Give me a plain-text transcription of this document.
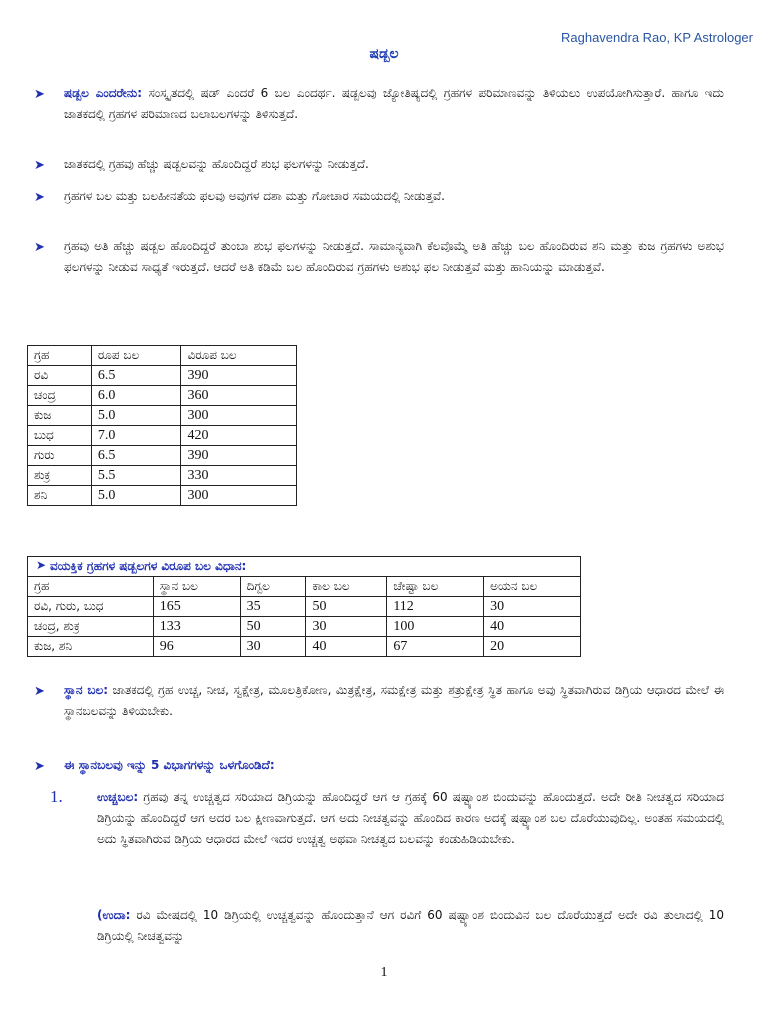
Raghavendra Rao, KP Astrologer
ಷಡ್ಬಲ
➤ ಷಡ್ಬಲ ಎಂದರೇನು: ಸಂಸ್ಕೃತದಲ್ಲಿ ಷಡ್ ಎಂದರೆ 6 ಬಲ ಎಂದರ್ಥ. ಷಡ್ಬಲವು ಜ್ಯೋತಿಷ್ಯದಲ್ಲಿ ಗ್ರಹಗಳ ಪರಿಮಾಣವನ್ನು ತಿಳಿಯಲು ಉಪಯೋಗಿಸುತ್ತಾರೆ. ಹಾಗೂ ಇದು ಜಾತಕದಲ್ಲಿ ಗ್ರಹಗಳ ಪರಿಮಾಣದ ಬಲಾಬಲಗಳನ್ನು ತಿಳಿಸುತ್ತದೆ.
➤ ಜಾತಕದಲ್ಲಿ ಗ್ರಹವು ಹೆಚ್ಚು ಷಡ್ಬಲವನ್ನು ಹೊಂದಿದ್ದರೆ ಶುಭ ಫಲಗಳನ್ನು ನೀಡುತ್ತದೆ.
➤ ಗ್ರಹಗಳ ಬಲ ಮತ್ತು ಬಲಹೀನತೆಯ ಫಲವು ಅವುಗಳ ದಶಾ ಮತ್ತು ಗೋಚಾರ ಸಮಯದಲ್ಲಿ ನೀಡುತ್ತವೆ.
➤ ಗ್ರಹವು ಅತಿ ಹೆಚ್ಚು ಷಡ್ಬಲ ಹೊಂದಿದ್ದರೆ ತುಂಬಾ ಶುಭ ಫಲಗಳನ್ನು ನೀಡುತ್ತದೆ. ಸಾಮಾನ್ಯವಾಗಿ ಕೆಲವೊಮ್ಮೆ ಅತಿ ಹೆಚ್ಚು ಬಲ ಹೊಂದಿರುವ ಶನಿ ಮತ್ತು ಕುಜ ಗ್ರಹಗಳು ಅಶುಭ ಫಲಗಳನ್ನು ನೀಡುವ ಸಾಧ್ಯತೆ ಇರುತ್ತದೆ. ಆದರೆ ಅತಿ ಕಡಿಮೆ ಬಲ ಹೊಂದಿರುವ ಗ್ರಹಗಳು ಅಶುಭ ಫಲ ನೀಡುತ್ತವೆ ಮತ್ತು ಹಾನಿಯನ್ನು ಮಾಡುತ್ತವೆ.
ಗ್ರಹ	ರೂಪ ಬಲ	ವಿರೂಪ ಬಲ
ರವಿ	6.5	390
ಚಂದ್ರ	6.0	360
ಕುಜ	5.0	300
ಬುಧ	7.0	420
ಗುರು	6.5	390
ಶುಕ್ರ	5.5	330
ಶನಿ	5.0	300
➤ ವಯಕ್ತಿಕ ಗ್ರಹಗಳ ಷಡ್ಬಲಗಳ ವಿರೂಪ ಬಲ ವಿಧಾನ:					
ಗ್ರಹ	ಸ್ಥಾನ ಬಲ	ದಿಗ್ಬಲ	ಕಾಲ ಬಲ	ಚೇಷ್ಟಾ ಬಲ	ಅಯನ ಬಲ
ರವಿ, ಗುರು, ಬುಧ	165	35	50	112	30
ಚಂದ್ರ, ಶುಕ್ರ	133	50	30	100	40
ಕುಜ, ಶನಿ	96	30	40	67	20
➤ ಸ್ಥಾನ ಬಲ: ಜಾತಕದಲ್ಲಿ ಗ್ರಹ ಉಚ್ಚ, ನೀಚ, ಸ್ವಕ್ಷೇತ್ರ, ಮೂಲತ್ರಿಕೋಣ, ಮಿತ್ರಕ್ಷೇತ್ರ, ಸಮಕ್ಷೇತ್ರ ಮತ್ತು ಶತ್ರುಕ್ಷೇತ್ರ ಸ್ಥಿತ ಹಾಗೂ ಅವು ಸ್ಥಿತವಾಗಿರುವ ಡಿಗ್ರಿಯ ಆಧಾರದ ಮೇಲೆ ಈ ಸ್ಥಾನಬಲವನ್ನು ತಿಳಿಯಬೇಕು.
➤ ಈ ಸ್ಥಾನಬಲವು ಇನ್ನು 5 ವಿಭಾಗಗಳನ್ನು ಒಳಗೊಂಡಿದೆ:
1.	ಉಚ್ಚಬಲ: ಗ್ರಹವು ತನ್ನ ಉಚ್ಚತ್ವದ ಸರಿಯಾದ ಡಿಗ್ರಿಯನ್ನು ಹೊಂದಿದ್ದರೆ ಆಗ ಆ ಗ್ರಹಕ್ಕೆ 60 ಷಷ್ಟ್ಯಾಂಶ ಬಿಂದುವನ್ನು ಹೊಂದುತ್ತದೆ. ಅದೇ ರೀತಿ ನೀಚತ್ವದ ಸರಿಯಾದ ಡಿಗ್ರಿಯನ್ನು ಹೊಂದಿದ್ದರೆ ಆಗ ಅದರ ಬಲ ಕ್ಷೀಣವಾಗುತ್ತದೆ. ಆಗ ಅದು ನೀಚತ್ವವನ್ನು ಹೊಂದಿದ ಕಾರಣ ಅದಕ್ಕೆ ಷಷ್ಟ್ಯಾಂಶ ಬಲ ದೊರೆಯುವುದಿಲ್ಲ. ಅಂತಹ ಸಮಯದಲ್ಲಿ ಅದು ಸ್ಥಿತವಾಗಿರುವ ಡಿಗ್ರಿಯ ಆಧಾರದ ಮೇಲೆ ಇದರ ಉಚ್ಚತ್ವ ಅಥವಾ ನೀಚತ್ವದ ಬಲವನ್ನು ಕಂಡುಹಿಡಿಯಬೇಕು.
(ಉದಾ: ರವಿ ಮೇಷದಲ್ಲಿ 10 ಡಿಗ್ರಿಯಲ್ಲಿ ಉಚ್ಚತ್ವವನ್ನು ಹೊಂದುತ್ತಾನೆ ಆಗ ರವಿಗೆ 60 ಷಷ್ಟ್ಯಾಂಶ ಬಿಂದುವಿನ ಬಲ ದೊರೆಯುತ್ತದೆ ಅದೇ ರವಿ ತುಲಾದಲ್ಲಿ 10 ಡಿಗ್ರಿಯಲ್ಲಿ ನೀಚತ್ವವನ್ನು
1
